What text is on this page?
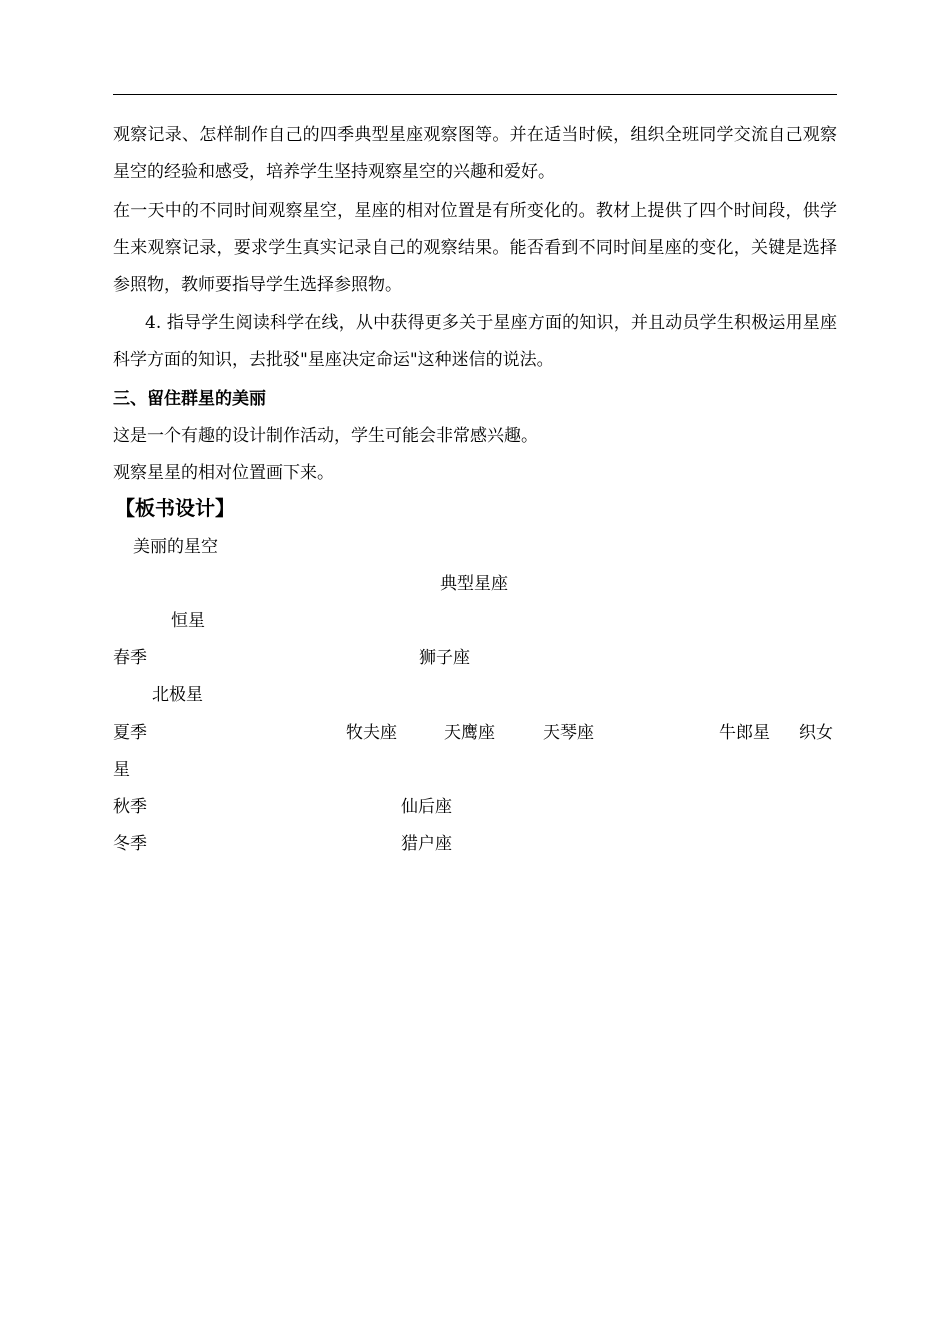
观察记录、怎样制作自己的四季典型星座观察图等。并在适当时候，组织全班同学交流自己观察星空的经验和感受，培养学生坚持观察星空的兴趣和爱好。
在一天中的不同时间观察星空，星座的相对位置是有所变化的。教材上提供了四个时间段，供学生来观察记录，要求学生真实记录自己的观察结果。能否看到不同时间星座的变化，关键是选择参照物，教师要指导学生选择参照物。
4. 指导学生阅读科学在线，从中获得更多关于星座方面的知识，并且动员学生积极运用星座科学方面的知识，去批驳"星座决定命运"这种迷信的说法。
三、留住群星的美丽
这是一个有趣的设计制作活动，学生可能会非常感兴趣。
观察星星的相对位置画下来。
【板书设计】
美丽的星空
典型星座
恒星
春季	狮子座
北极星
夏季	牧夫座	天鹰座	天琴座	牛郎星 织女
星
秋季	仙后座
冬季	猎户座
